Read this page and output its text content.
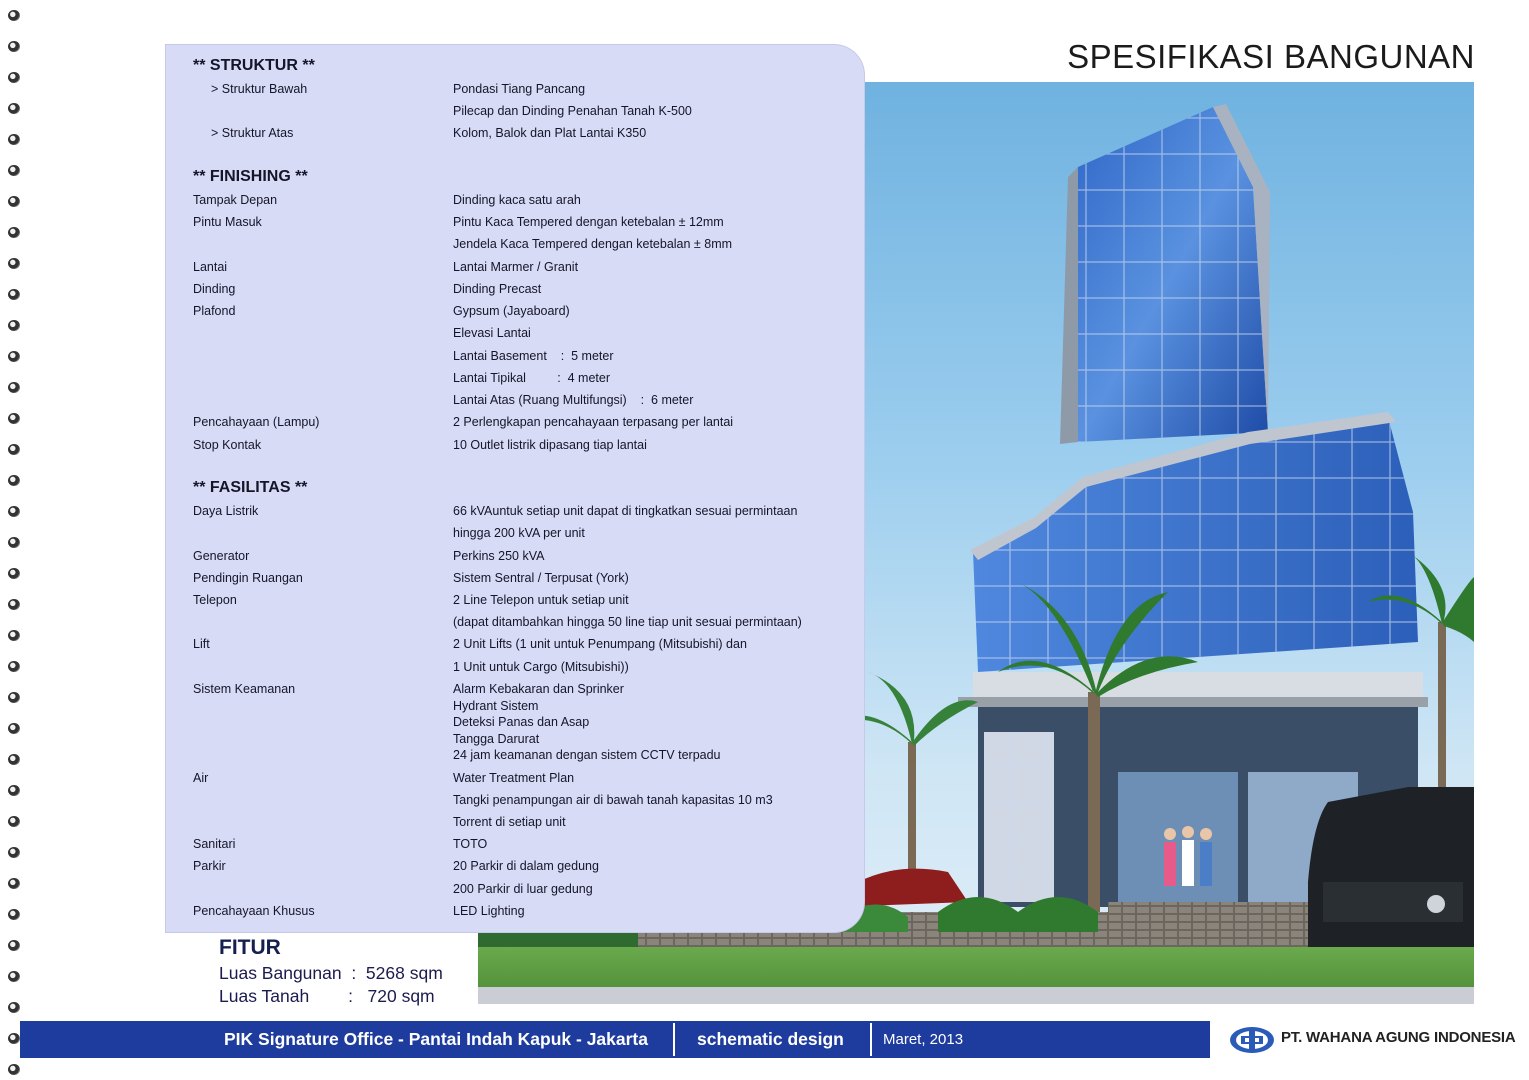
SPESIFIKASI BANGUNAN
** STRUKTUR **
> Struktur Bawah	Pondasi Tiang Pancang
Pilecap dan Dinding Penahan Tanah K-500
> Struktur Atas	Kolom, Balok dan Plat Lantai K350
** FINISHING **
Tampak Depan	Dinding kaca satu arah
Pintu Masuk	Pintu Kaca Tempered dengan ketebalan ± 12mm
Jendela Kaca Tempered dengan ketebalan ± 8mm
Lantai	Lantai Marmer / Granit
Dinding	Dinding Precast
Plafond	Gypsum (Jayaboard)
Elevasi Lantai
Lantai Basement    :  5 meter
Lantai Tipikal         :  4 meter
Lantai Atas (Ruang Multifungsi)    :  6 meter
Pencahayaan (Lampu)	2 Perlengkapan pencahayaan terpasang per lantai
Stop Kontak	10 Outlet listrik dipasang tiap lantai
** FASILITAS **
Daya Listrik	66 kVAuntuk setiap unit dapat di tingkatkan sesuai permintaan
hingga 200 kVA per unit
Generator	Perkins 250 kVA
Pendingin Ruangan	Sistem Sentral / Terpusat (York)
Telepon	2 Line Telepon untuk setiap unit
(dapat ditambahkan hingga 50 line tiap unit sesuai permintaan)
Lift	2 Unit Lifts (1 unit untuk Penumpang (Mitsubishi) dan
1 Unit untuk Cargo (Mitsubishi))
Sistem Keamanan	Alarm Kebakaran dan Sprinker
Hydrant Sistem
Deteksi Panas dan Asap
Tangga Darurat
24 jam keamanan dengan sistem CCTV terpadu
Air	Water Treatment Plan
Tangki penampungan air di bawah tanah kapasitas 10 m3
Torrent di setiap unit
Sanitari	TOTO
Parkir	20 Parkir di dalam gedung
200 Parkir di luar gedung
Pencahayaan Khusus	LED Lighting
FITUR
Luas Bangunan  :  5268 sqm
Luas Tanah        :   720 sqm
PIK Signature Office - Pantai Indah Kapuk - Jakarta	schematic design	Maret, 2013	PT. WAHANA AGUNG INDONESIA
